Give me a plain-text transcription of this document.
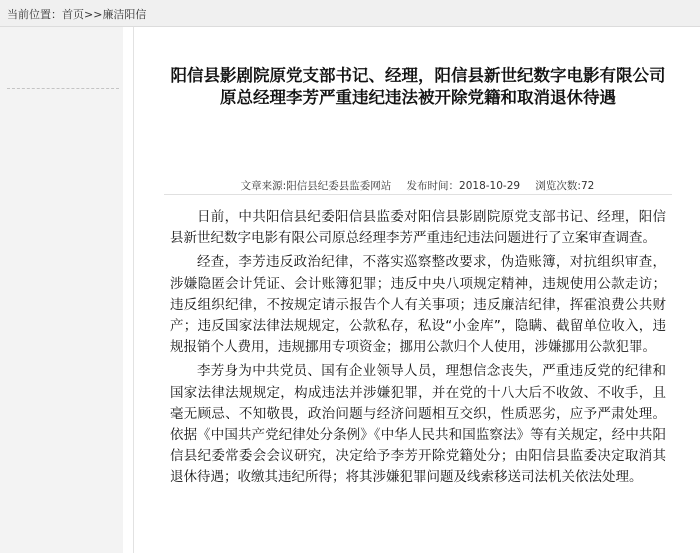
当前位置：首页>>廉洁阳信
阳信县影剧院原党支部书记、经理，阳信县新世纪数字电影有限公司原总经理李芳严重违纪违法被开除党籍和取消退休待遇
文章来源:阳信县纪委县监委网站 发布时间：2018-10-29 浏览次数:72

日前，中共阳信县纪委阳信县监委对阳信县影剧院原党支部书记、经理，阳信县新世纪数字电影有限公司原总经理李芳严重违纪违法问题进行了立案审查调查。

经查，李芳违反政治纪律，不落实巡察整改要求，伪造账簿，对抗组织审查，涉嫌隐匿会计凭证、会计账簿犯罪；违反中央八项规定精神，违规使用公款走访；违反组织纪律，不按规定请示报告个人有关事项；违反廉洁纪律，挥霍浪费公共财产；违反国家法律法规规定，公款私存，私设“小金库”，隐瞒、截留单位收入，违规报销个人费用，违规挪用专项资金；挪用公款归个人使用，涉嫌挪用公款犯罪。

李芳身为中共党员、国有企业领导人员，理想信念丧失，严重违反党的纪律和国家法律法规规定，构成违法并涉嫌犯罪，并在党的十八大后不收敛、不收手，且毫无顾忌、不知敬畏，政治问题与经济问题相互交织，性质恶劣，应予严肃处理。依据《中国共产党纪律处分条例》《中华人民共和国监察法》等有关规定，经中共阳信县纪委常委会会议研究，决定给予李芳开除党籍处分；由阳信县监委决定取消其退休待遇；收缴其违纪所得；将其涉嫌犯罪问题及线索移送司法机关依法处理。
